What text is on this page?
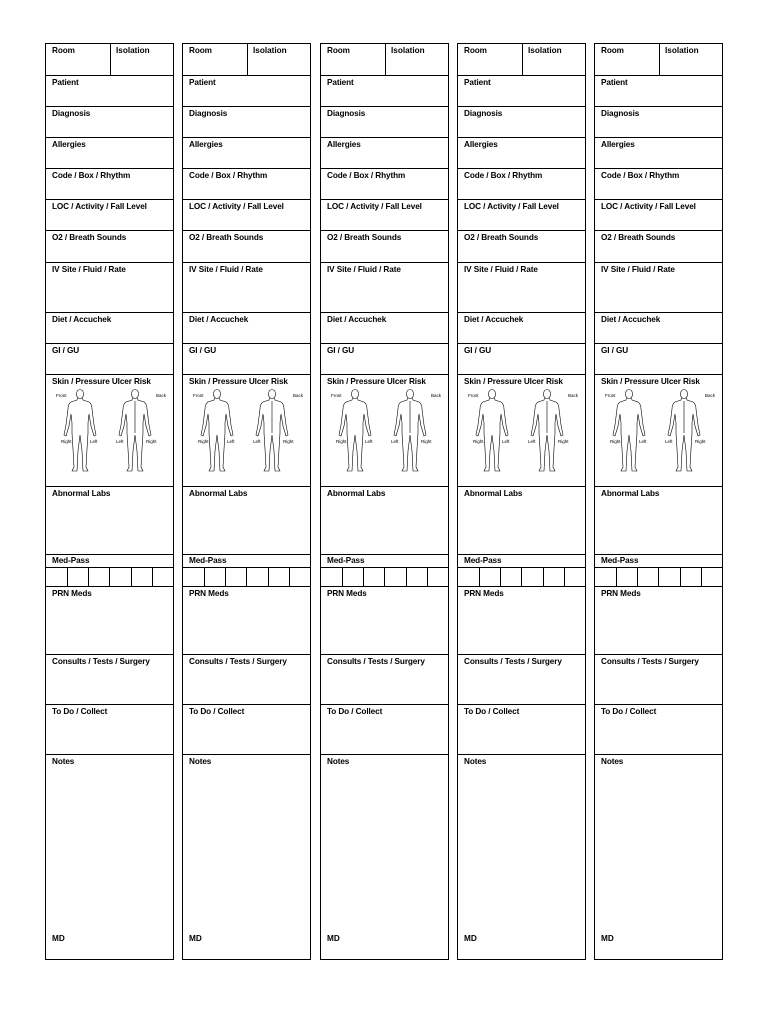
Room	Isolation
Patient
Diagnosis
Allergies
Code / Box / Rhythm
LOC / Activity / Fall Level
O2 / Breath Sounds
IV Site / Fluid / Rate
Diet / Accuchek
GI / GU
Skin / Pressure Ulcer Risk
Front	Back
Right	Left	Left	Right
Abnormal Labs
Med-Pass
PRN Meds
Consults / Tests / Surgery
To Do / Collect
Notes
MD
Room	Isolation
Patient
Diagnosis
Allergies
Code / Box / Rhythm
LOC / Activity / Fall Level
O2 / Breath Sounds
IV Site / Fluid / Rate
Diet / Accuchek
GI / GU
Skin / Pressure Ulcer Risk
Front	Back
Right	Left	Left	Right
Abnormal Labs
Med-Pass
PRN Meds
Consults / Tests / Surgery
To Do / Collect
Notes
MD
Room	Isolation
Patient
Diagnosis
Allergies
Code / Box / Rhythm
LOC / Activity / Fall Level
O2 / Breath Sounds
IV Site / Fluid / Rate
Diet / Accuchek
GI / GU
Skin / Pressure Ulcer Risk
Front	Back
Right	Left	Left	Right
Abnormal Labs
Med-Pass
PRN Meds
Consults / Tests / Surgery
To Do / Collect
Notes
MD
Room	Isolation
Patient
Diagnosis
Allergies
Code / Box / Rhythm
LOC / Activity / Fall Level
O2 / Breath Sounds
IV Site / Fluid / Rate
Diet / Accuchek
GI / GU
Skin / Pressure Ulcer Risk
Front	Back
Right	Left	Left	Right
Abnormal Labs
Med-Pass
PRN Meds
Consults / Tests / Surgery
To Do / Collect
Notes
MD
Room	Isolation
Patient
Diagnosis
Allergies
Code / Box / Rhythm
LOC / Activity / Fall Level
O2 / Breath Sounds
IV Site / Fluid / Rate
Diet / Accuchek
GI / GU
Skin / Pressure Ulcer Risk
Front	Back
Right	Left	Left	Right
Abnormal Labs
Med-Pass
PRN Meds
Consults / Tests / Surgery
To Do / Collect
Notes
MD
